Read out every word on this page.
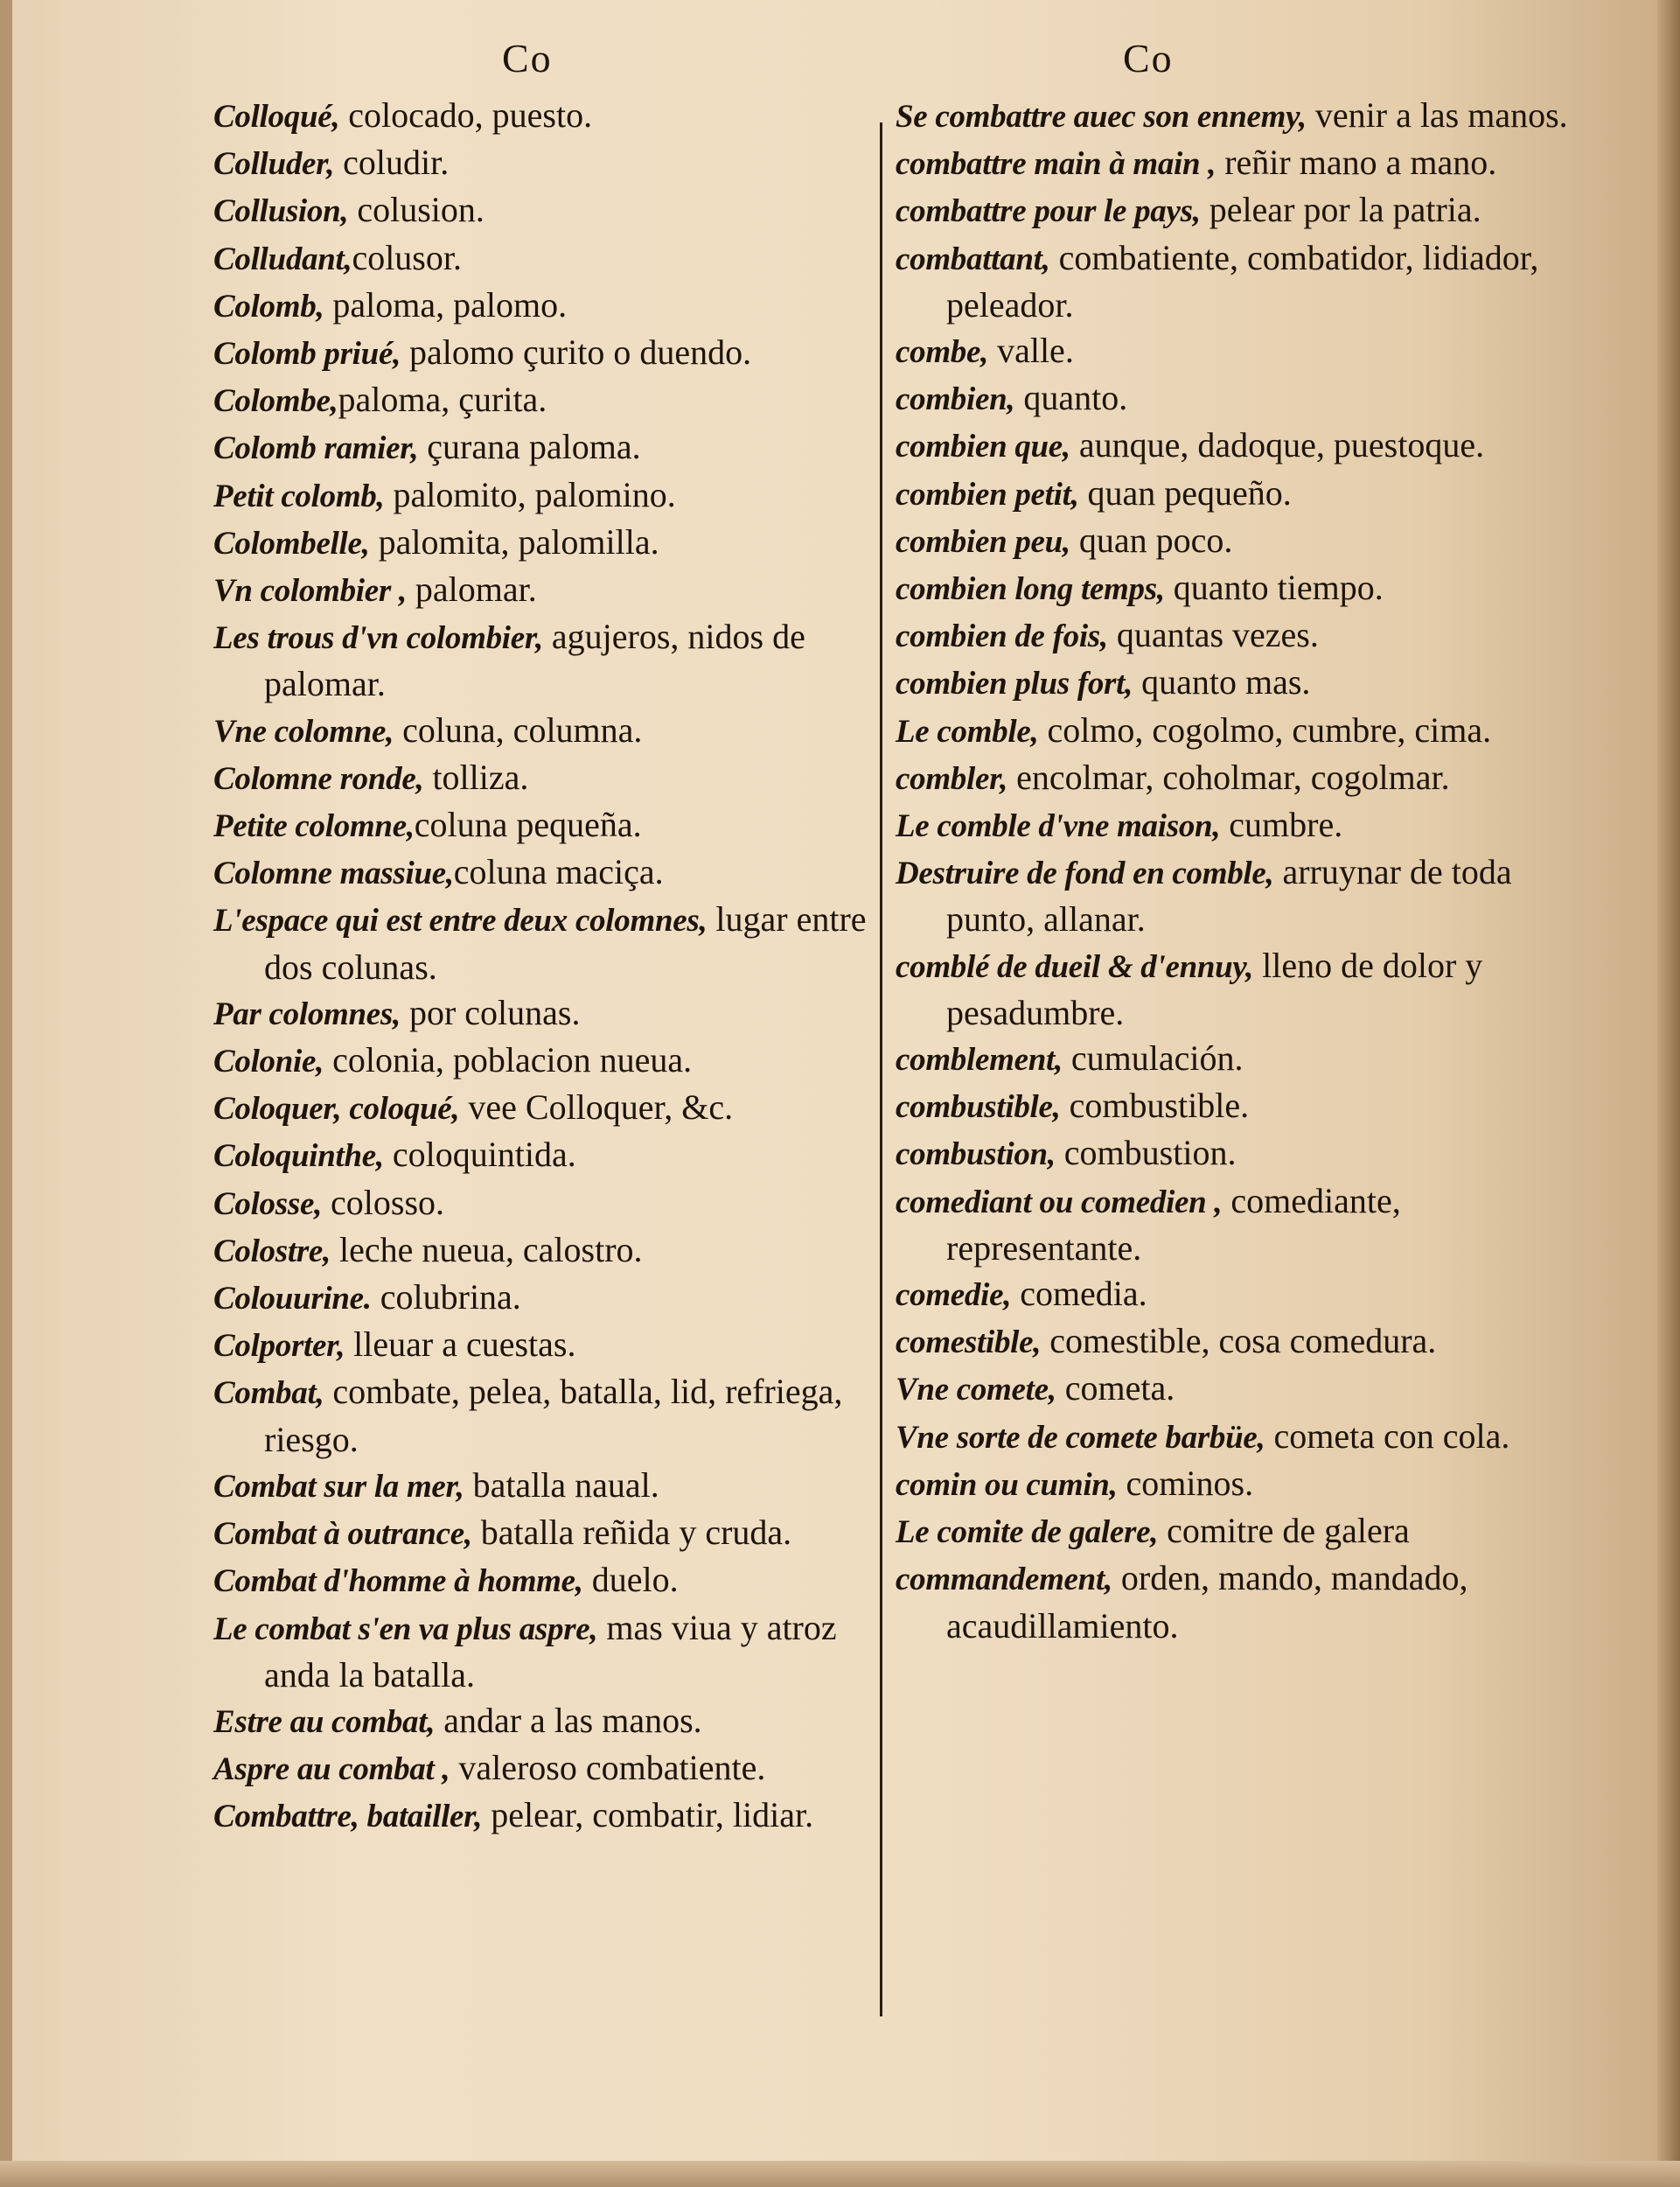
Co	Co

Colloqué, colocado, puesto.

Colluder, coludir.

Collusion, colusion.

Colludant,colusor.

Colomb, paloma, palomo.

Colomb priué, palomo çurito o duendo.

Colombe,paloma, çurita.

Colomb ramier, çurana paloma.

Petit colomb, palomito, palomino.

Colombelle, palomita, palomilla.

Vn colombier , palomar.

Les trous d'vn colombier, agujeros, nidos de palomar.

Vne colomne, coluna, columna.

Colomne ronde, tolliza.

Petite colomne,coluna pequeña.

Colomne massiue,coluna maciça.

L'espace qui est entre deux colomnes, lugar entre dos colunas.

Par colomnes, por colunas.

Colonie, colonia, poblacion nueua.

Coloquer, coloqué, vee Colloquer, &c.

Coloquinthe, coloquintida.

Colosse, colosso.

Colostre, leche nueua, calostro.

Colouurine. colubrina.

Colporter, lleuar a cuestas.

Combat, combate, pelea, batalla, lid, refriega, riesgo.

Combat sur la mer, batalla naual.

Combat à outrance, batalla reñida y cruda.

Combat d'homme à homme, duelo.

Le combat s'en va plus aspre, mas viua y atroz anda la batalla.

Estre au combat, andar a las manos.

Aspre au combat , valeroso combatiente.

Combattre, batailler, pelear, combatir, lidiar.

Se combattre auec son ennemy, venir a las manos.

combattre main à main , reñir mano a mano.

combattre pour le pays, pelear por la patria.

combattant, combatiente, combatidor, lidiador, peleador.

combe, valle.

combien, quanto.

combien que, aunque, dadoque, puestoque.

combien petit, quan pequeño.

combien peu, quan poco.

combien long temps, quanto tiempo.

combien de fois, quantas vezes.

combien plus fort, quanto mas.

Le comble, colmo, cogolmo, cumbre, cima.

combler, encolmar, coholmar, cogolmar.

Le comble d'vne maison, cumbre.

Destruire de fond en comble, arruynar de toda punto, allanar.

comblé de dueil & d'ennuy, lleno de dolor y pesadumbre.

comblement, cumulación.

combustible, combustible.

combustion, combustion.

comediant ou comedien , comediante, representante.

comedie, comedia.

comestible, comestible, cosa comedura.

Vne comete, cometa.

Vne sorte de comete barbüe, cometa con cola.

comin ou cumin, cominos.

Le comite de galere, comitre de galera

commandement, orden, mando, mandado, acaudillamiento.
